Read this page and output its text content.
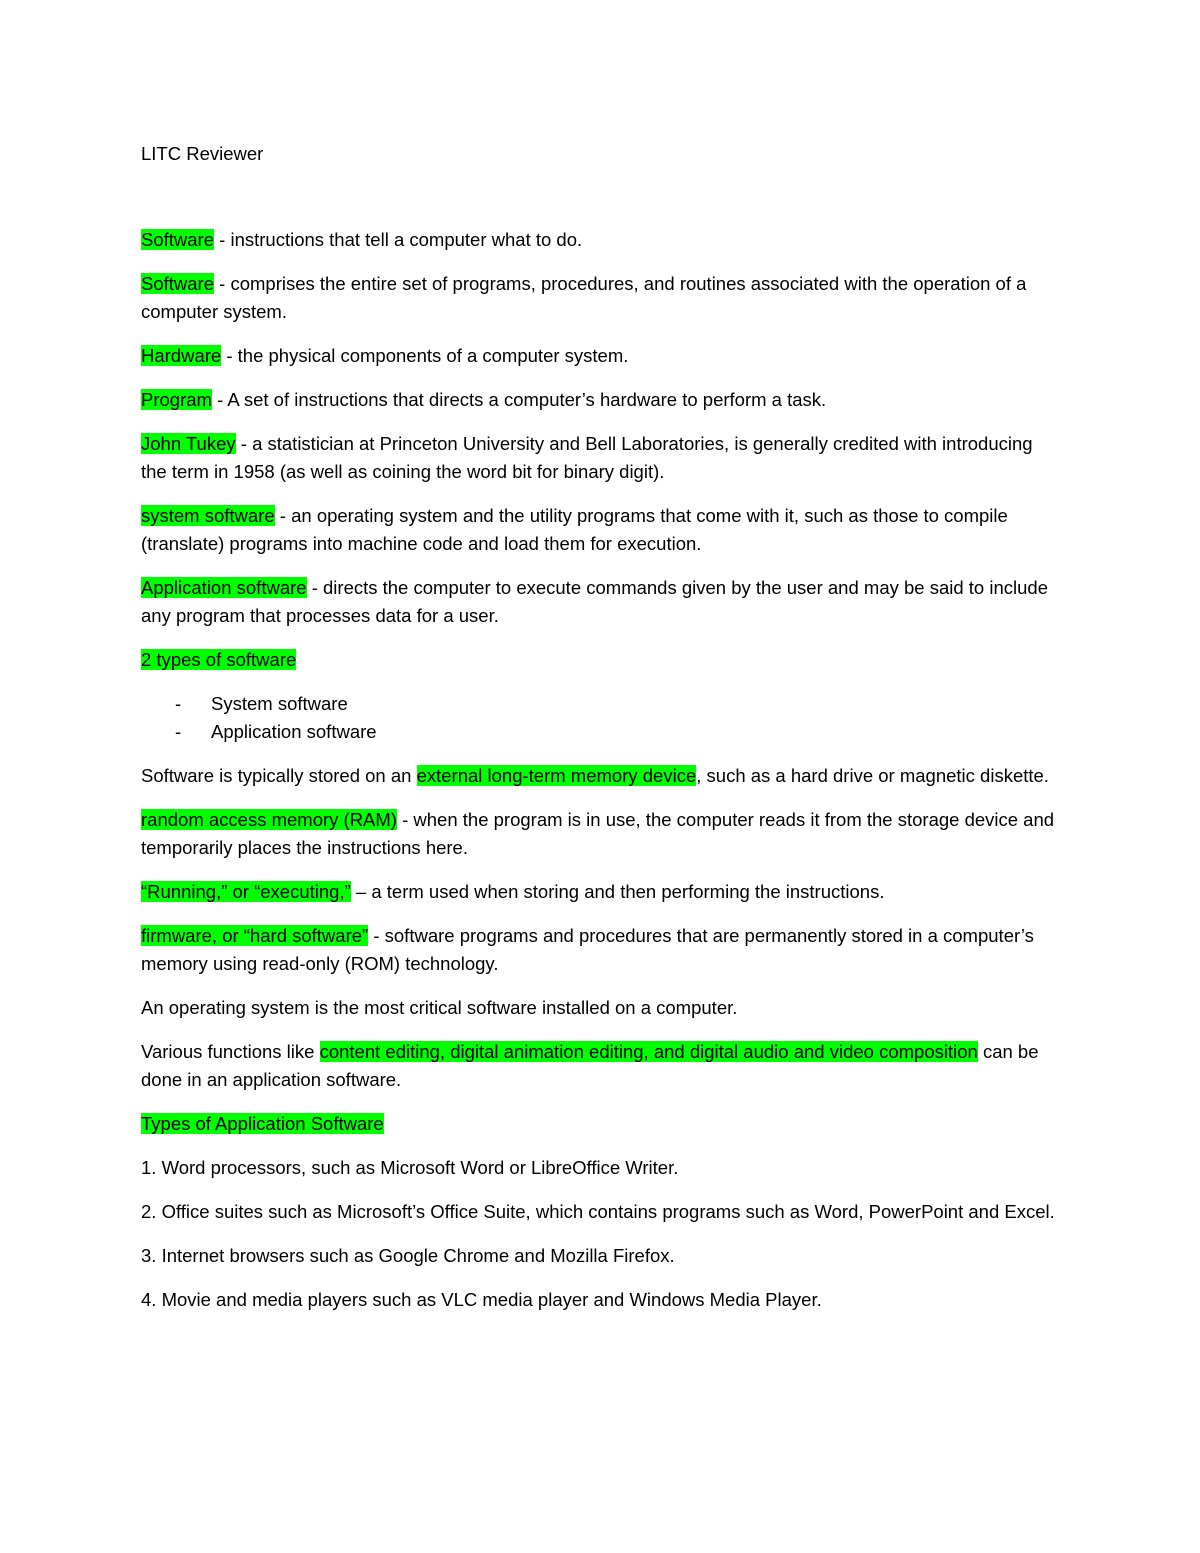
LITC Reviewer

Software - instructions that tell a computer what to do.

Software - comprises the entire set of programs, procedures, and routines associated with the operation of a computer system.

Hardware - the physical components of a computer system.

Program - A set of instructions that directs a computer’s hardware to perform a task.

John Tukey - a statistician at Princeton University and Bell Laboratories, is generally credited with introducing the term in 1958 (as well as coining the word bit for binary digit).

system software - an operating system and the utility programs that come with it, such as those to compile (translate) programs into machine code and load them for execution.

Application software - directs the computer to execute commands given by the user and may be said to include any program that processes data for a user.

2 types of software

- System software
- Application software

Software is typically stored on an external long-term memory device, such as a hard drive or magnetic diskette.

random access memory (RAM) - when the program is in use, the computer reads it from the storage device and temporarily places the instructions here.

“Running,” or “executing,” – a term used when storing and then performing the instructions.

firmware, or “hard software” - software programs and procedures that are permanently stored in a computer’s memory using read-only (ROM) technology.

An operating system is the most critical software installed on a computer.

Various functions like content editing, digital animation editing, and digital audio and video composition can be done in an application software.

Types of Application Software

1. Word processors, such as Microsoft Word or LibreOffice Writer.

2. Office suites such as Microsoft’s Office Suite, which contains programs such as Word, PowerPoint and Excel.

3. Internet browsers such as Google Chrome and Mozilla Firefox.

4. Movie and media players such as VLC media player and Windows Media Player.
